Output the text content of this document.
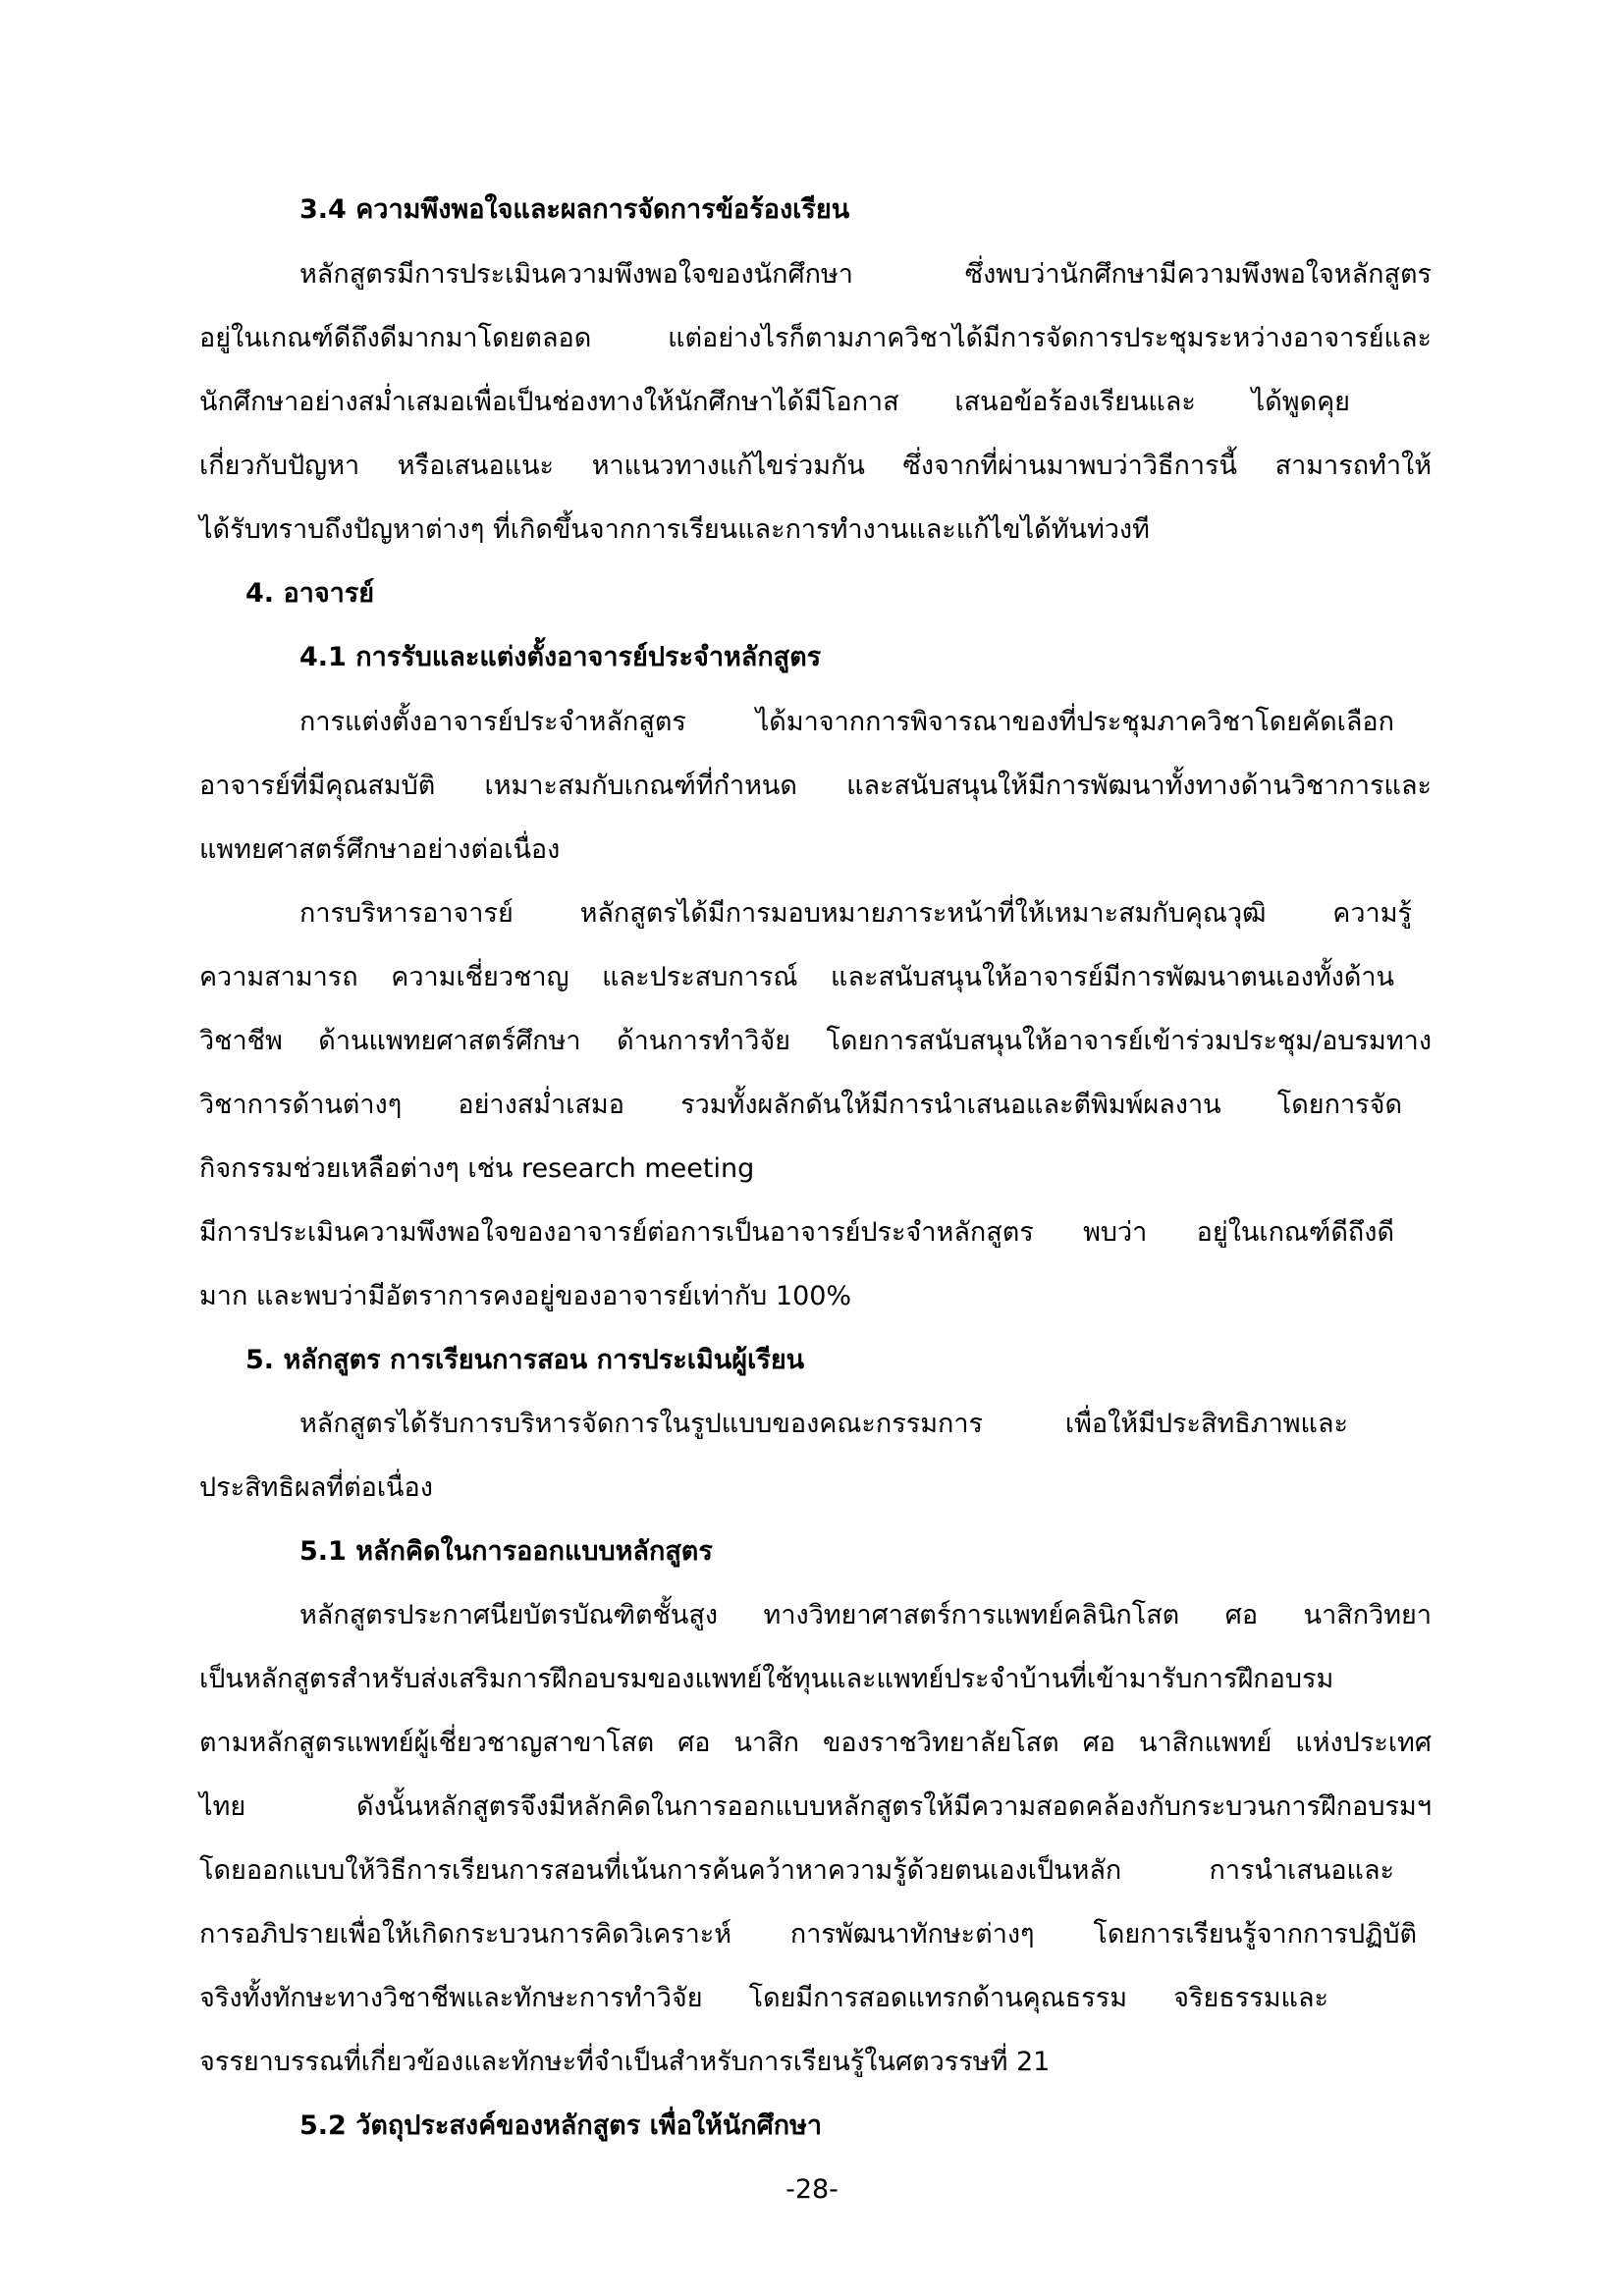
3.4 ความพึงพอใจและผลการจัดการข้อร้องเรียน

หลักสูตรมีการประเมินความพึงพอใจของนักศึกษา ซึ่งพบว่านักศึกษามีความพึงพอใจหลักสูตร

อยู่ในเกณฑ์ดีถึงดีมากมาโดยตลอด แต่อย่างไรก็ตามภาควิชาได้มีการจัดการประชุมระหว่างอาจารย์และ

นักศึกษาอย่างสม่ำเสมอเพื่อเป็นช่องทางให้นักศึกษาได้มีโอกาส เสนอข้อร้องเรียนและ ได้พูดคุย

เกี่ยวกับปัญหา หรือเสนอแนะ หาแนวทางแก้ไขร่วมกัน ซึ่งจากที่ผ่านมาพบว่าวิธีการนี้ สามารถทำให้

ได้รับทราบถึงปัญหาต่างๆ ที่เกิดขึ้นจากการเรียนและการทำงานและแก้ไขได้ทันท่วงที

4. อาจารย์

4.1 การรับและแต่งตั้งอาจารย์ประจำหลักสูตร

การแต่งตั้งอาจารย์ประจำหลักสูตร ได้มาจากการพิจารณาของที่ประชุมภาควิชาโดยคัดเลือก

อาจารย์ที่มีคุณสมบัติ เหมาะสมกับเกณฑ์ที่กำหนด และสนับสนุนให้มีการพัฒนาทั้งทางด้านวิชาการและ

แพทยศาสตร์ศึกษาอย่างต่อเนื่อง

การบริหารอาจารย์ หลักสูตรได้มีการมอบหมายภาระหน้าที่ให้เหมาะสมกับคุณวุฒิ ความรู้

ความสามารถ ความเชี่ยวชาญ และประสบการณ์ และสนับสนุนให้อาจารย์มีการพัฒนาตนเองทั้งด้าน

วิชาชีพ ด้านแพทยศาสตร์ศึกษา ด้านการทำวิจัย โดยการสนับสนุนให้อาจารย์เข้าร่วมประชุม/อบรมทาง

วิชาการด้านต่างๆ อย่างสม่ำเสมอ รวมทั้งผลักดันให้มีการนำเสนอและตีพิมพ์ผลงาน โดยการจัด

กิจกรรมช่วยเหลือต่างๆ เช่น research meeting

มีการประเมินความพึงพอใจของอาจารย์ต่อการเป็นอาจารย์ประจำหลักสูตร พบว่า อยู่ในเกณฑ์ดีถึงดี

มาก และพบว่ามีอัตราการคงอยู่ของอาจารย์เท่ากับ 100%

5. หลักสูตร การเรียนการสอน การประเมินผู้เรียน

หลักสูตรได้รับการบริหารจัดการในรูปแบบของคณะกรรมการ เพื่อให้มีประสิทธิภาพและ

ประสิทธิผลที่ต่อเนื่อง

5.1 หลักคิดในการออกแบบหลักสูตร

หลักสูตรประกาศนียบัตรบัณฑิตชั้นสูง ทางวิทยาศาสตร์การแพทย์คลินิกโสต ศอ นาสิกวิทยา

เป็นหลักสูตรสำหรับส่งเสริมการฝึกอบรมของแพทย์ใช้ทุนและแพทย์ประจำบ้านที่เข้ามารับการฝึกอบรม

ตามหลักสูตรแพทย์ผู้เชี่ยวชาญสาขาโสต ศอ นาสิก ของราชวิทยาลัยโสต ศอ นาสิกแพทย์ แห่งประเทศ

ไทย ดังนั้นหลักสูตรจึงมีหลักคิดในการออกแบบหลักสูตรให้มีความสอดคล้องกับกระบวนการฝึกอบรมฯ

โดยออกแบบให้วิธีการเรียนการสอนที่เน้นการค้นคว้าหาความรู้ด้วยตนเองเป็นหลัก การนำเสนอและ

การอภิปรายเพื่อให้เกิดกระบวนการคิดวิเคราะห์ การพัฒนาทักษะต่างๆ โดยการเรียนรู้จากการปฏิบัติ

จริงทั้งทักษะทางวิชาชีพและทักษะการทำวิจัย โดยมีการสอดแทรกด้านคุณธรรม จริยธรรมและ

จรรยาบรรณที่เกี่ยวข้องและทักษะที่จำเป็นสำหรับการเรียนรู้ในศตวรรษที่ 21

5.2 วัตถุประสงค์ของหลักสูตร เพื่อให้นักศึกษา

-28-
